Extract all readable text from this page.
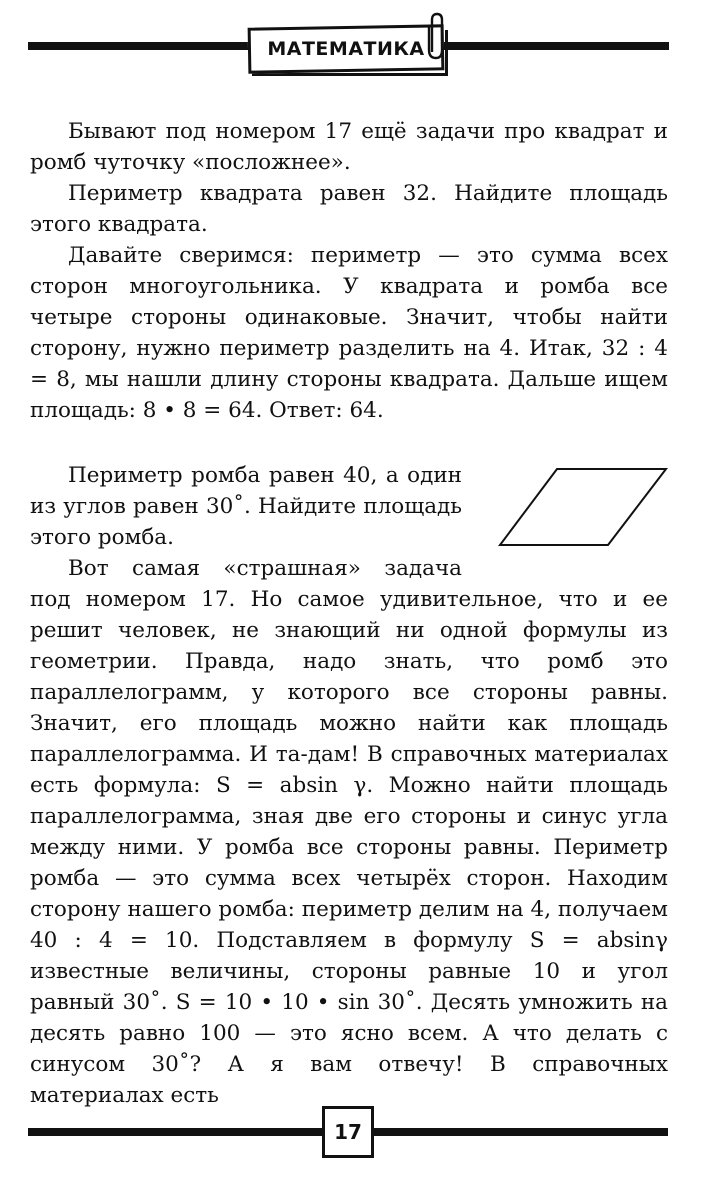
МАТЕМАТИКА

Бывают под номером 17 ещё задачи про квадрат и ромб чуточку «посложнее».

Периметр квадрата равен 32. Найдите площадь этого квадрата.

Давайте сверимся: периметр — это сумма всех сторон многоугольника. У квадрата и ромба все четыре стороны одинаковые. Значит, чтобы найти сторону, нужно периметр разделить на 4. Итак, 32 : 4 = 8, мы нашли длину стороны квадрата. Дальше ищем площадь: 8 • 8 = 64. Ответ: 64.

Периметр ромба равен 40, а один из углов равен 30˚. Найдите площадь этого ромба.

Вот самая «страшная» задача

под номером 17. Но самое удивительное, что и ее решит человек, не знающий ни одной формулы из геометрии. Правда, надо знать, что ромб это параллелограмм, у которого все стороны равны. Значит, его площадь можно найти как площадь параллелограмма. И та-дам! В справочных материалах есть формула: S = absin γ. Можно найти площадь параллелограмма, зная две его стороны и синус угла между ними. У ромба все стороны равны. Периметр ромба — это сумма всех четырёх сторон. Находим сторону нашего ромба: периметр делим на 4, получаем 40 : 4 = 10. Подставляем в формулу S = absinγ известные величины, стороны равные 10 и угол равный 30˚. S = 10 • 10 • sin 30˚. Десять умножить на десять равно 100 — это ясно всем. А что делать с синусом 30˚? А я вам отвечу! В справочных материалах есть

17
